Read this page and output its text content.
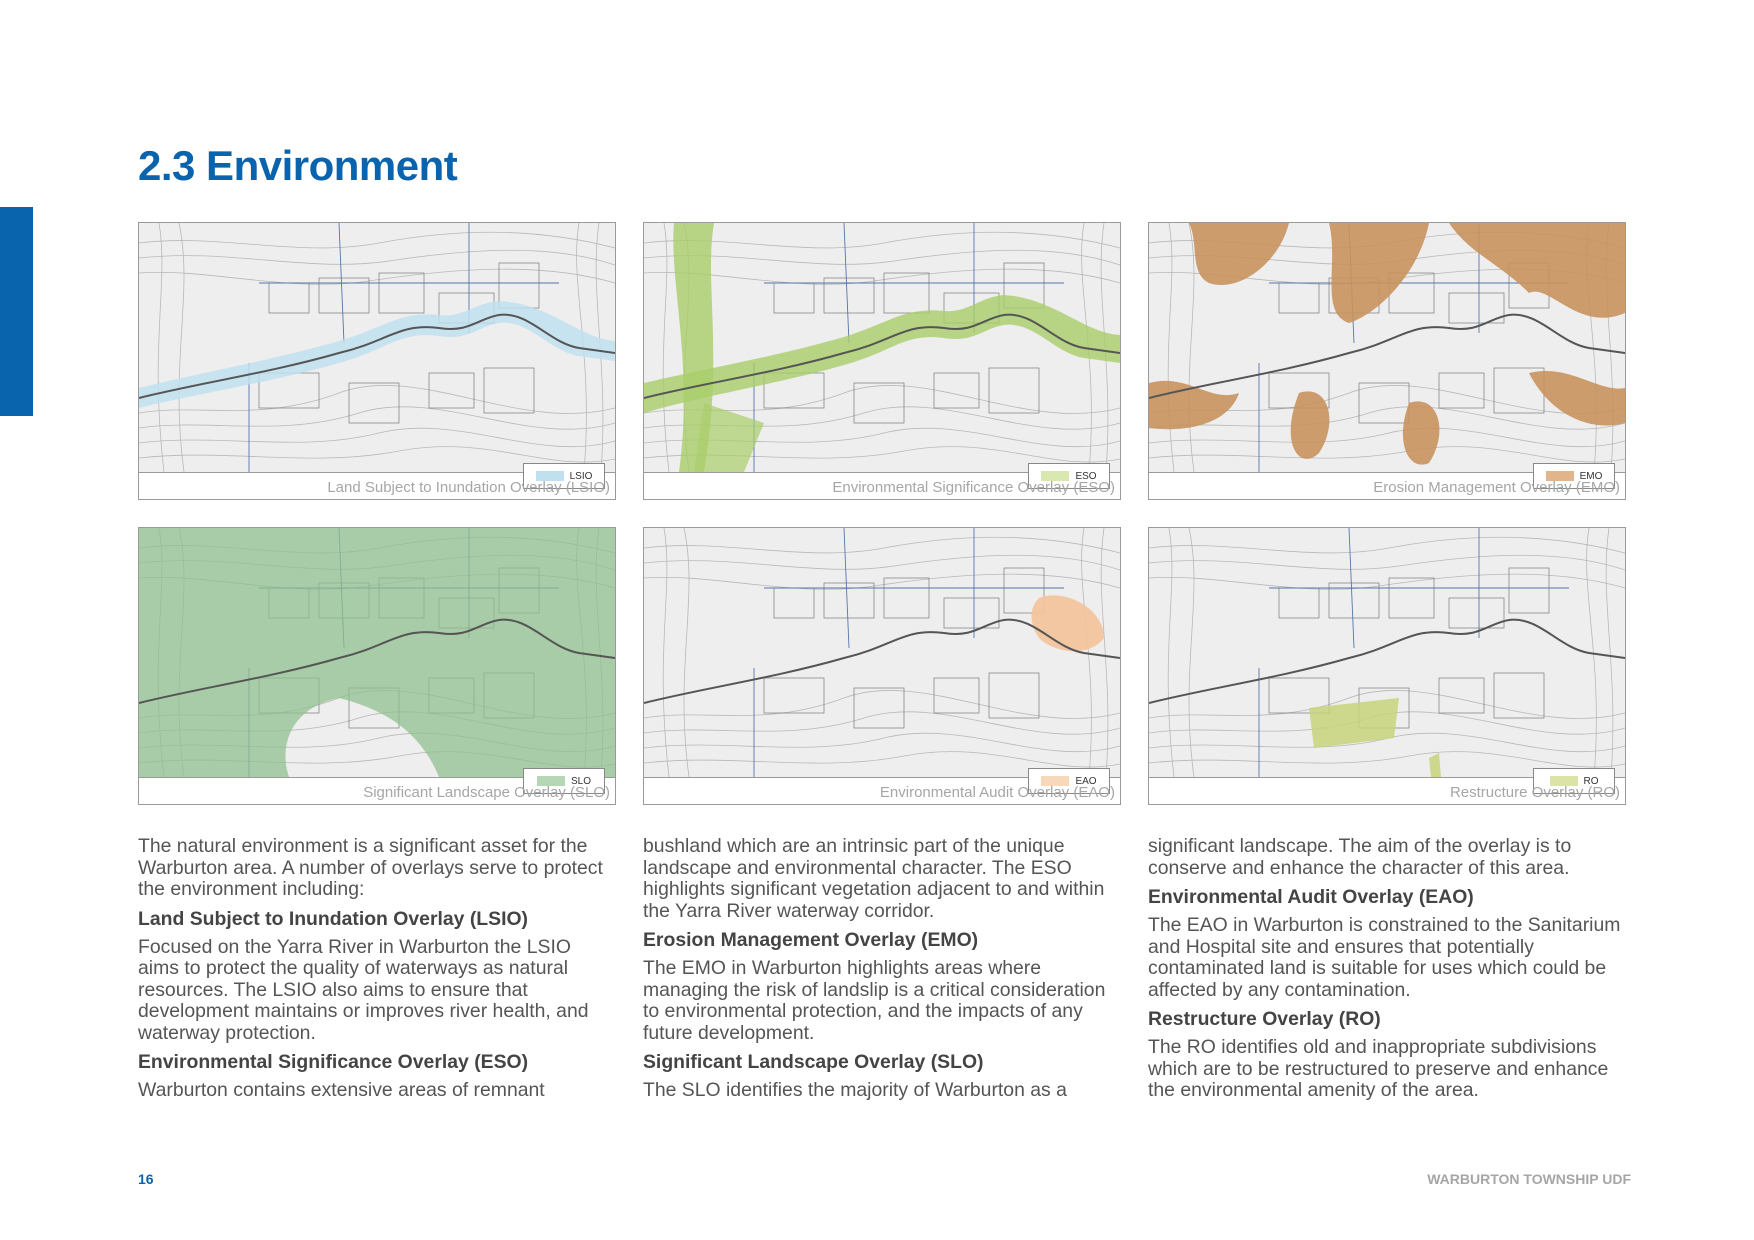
2.3 Environment
LSIO
Land Subject to Inundation Overlay (LSIO)
ESO
Environmental Significance Overlay (ESO)
EMO
Erosion Management Overlay (EMO)
SLO
Significant Landscape Overlay (SLO)
EAO
Environmental Audit Overlay (EAO)
RO
Restructure Overlay (RO)

The natural environment is a significant asset for the Warburton area. A number of overlays serve to protect the environment including:

Land Subject to Inundation Overlay (LSIO)

Focused on the Yarra River in Warburton the LSIO aims to protect the quality of waterways as natural resources. The LSIO also aims to ensure that development maintains or improves river health, and waterway protection.

Environmental Significance Overlay (ESO)

Warburton contains extensive areas of remnant

bushland which are an intrinsic part of the unique landscape and environmental character. The ESO highlights significant vegetation adjacent to and within the Yarra River waterway corridor.

Erosion Management Overlay (EMO)

The EMO in Warburton highlights areas where managing the risk of landslip is a critical consideration to environmental protection, and the impacts of any future development.

Significant Landscape Overlay (SLO)

The SLO identifies the majority of Warburton as a

significant landscape. The aim of the overlay is to conserve and enhance the character of this area.

Environmental Audit Overlay (EAO)

The EAO in Warburton is constrained to the Sanitarium and Hospital site and ensures that potentially contaminated land is suitable for uses which could be affected by any contamination.

Restructure Overlay (RO)

The RO identifies old and inappropriate subdivisions which are to be restructured to preserve and enhance the environmental amenity of the area.

16	WARBURTON TOWNSHIP UDF
